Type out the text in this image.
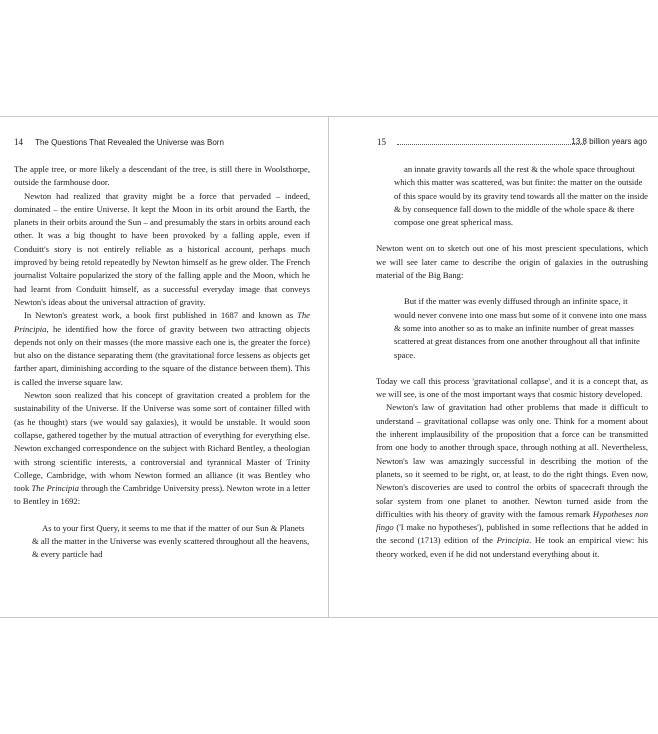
14 The Questions That Revealed the Universe was Born

The apple tree, or more likely a descendant of the tree, is still there in Woolsthorpe, outside the farmhouse door.

Newton had realized that gravity might be a force that pervaded – indeed, dominated – the entire Universe. It kept the Moon in its orbit around the Earth, the planets in their orbits around the Sun – and presumably the stars in orbits around each other. It was a big thought to have been provoked by a falling apple, even if Conduitt's story is not entirely reliable as a historical account, perhaps much improved by being retold repeatedly by Newton himself as he grew older. The French journalist Voltaire popularized the story of the falling apple and the Moon, which he had learnt from Conduitt himself, as a successful everyday image that conveys Newton's ideas about the universal attraction of gravity.

In Newton's greatest work, a book first published in 1687 and known as The Principia, he identified how the force of gravity between two attracting objects depends not only on their masses (the more massive each one is, the greater the force) but also on the distance separating them (the gravitational force lessens as objects get farther apart, diminishing according to the square of the distance between them). This is called the inverse square law.

Newton soon realized that his concept of gravitation created a problem for the sustainability of the Universe. If the Universe was some sort of container filled with (as he thought) stars (we would say galaxies), it would be unstable. It would soon collapse, gathered together by the mutual attraction of everything for everything else. Newton exchanged correspondence on the subject with Richard Bentley, a theologian with strong scientific interests, a controversial and tyrannical Master of Trinity College, Cambridge, with whom Newton formed an alliance (it was Bentley who took The Principia through the Cambridge University press). Newton wrote in a letter to Bentley in 1692:

As to your first Query, it seems to me that if the matter of our Sun & Planets & all the matter in the Universe was evenly scattered throughout all the heavens, & every particle had

15	13.8 billion years ago

an innate gravity towards all the rest & the whole space throughout which this matter was scattered, was but finite: the matter on the outside of this space would by its gravity tend towards all the matter on the inside & by consequence fall down to the middle of the whole space & there compose one great spherical mass.

Newton went on to sketch out one of his most prescient speculations, which we will see later came to describe the origin of galaxies in the outrushing material of the Big Bang:

But if the matter was evenly diffused through an infinite space, it would never convene into one mass but some of it convene into one mass & some into another so as to make an infinite number of great masses scattered at great distances from one another throughout all that infinite space.

Today we call this process 'gravitational collapse', and it is a concept that, as we will see, is one of the most important ways that cosmic history developed.

Newton's law of gravitation had other problems that made it difficult to understand – gravitational collapse was only one. Think for a moment about the inherent implausibility of the proposition that a force can be transmitted from one body to another through space, through nothing at all. Nevertheless, Newton's law was amazingly successful in describing the motion of the planets, so it seemed to be right, or, at least, to do the right things. Even now, Newton's discoveries are used to control the orbits of spacecraft through the solar system from one planet to another. Newton turned aside from the difficulties with his theory of gravity with the famous remark Hypotheses non fingo ('I make no hypotheses'), published in some reflections that he added in the second (1713) edition of the Principia. He took an empirical view: his theory worked, even if he did not understand everything about it.
